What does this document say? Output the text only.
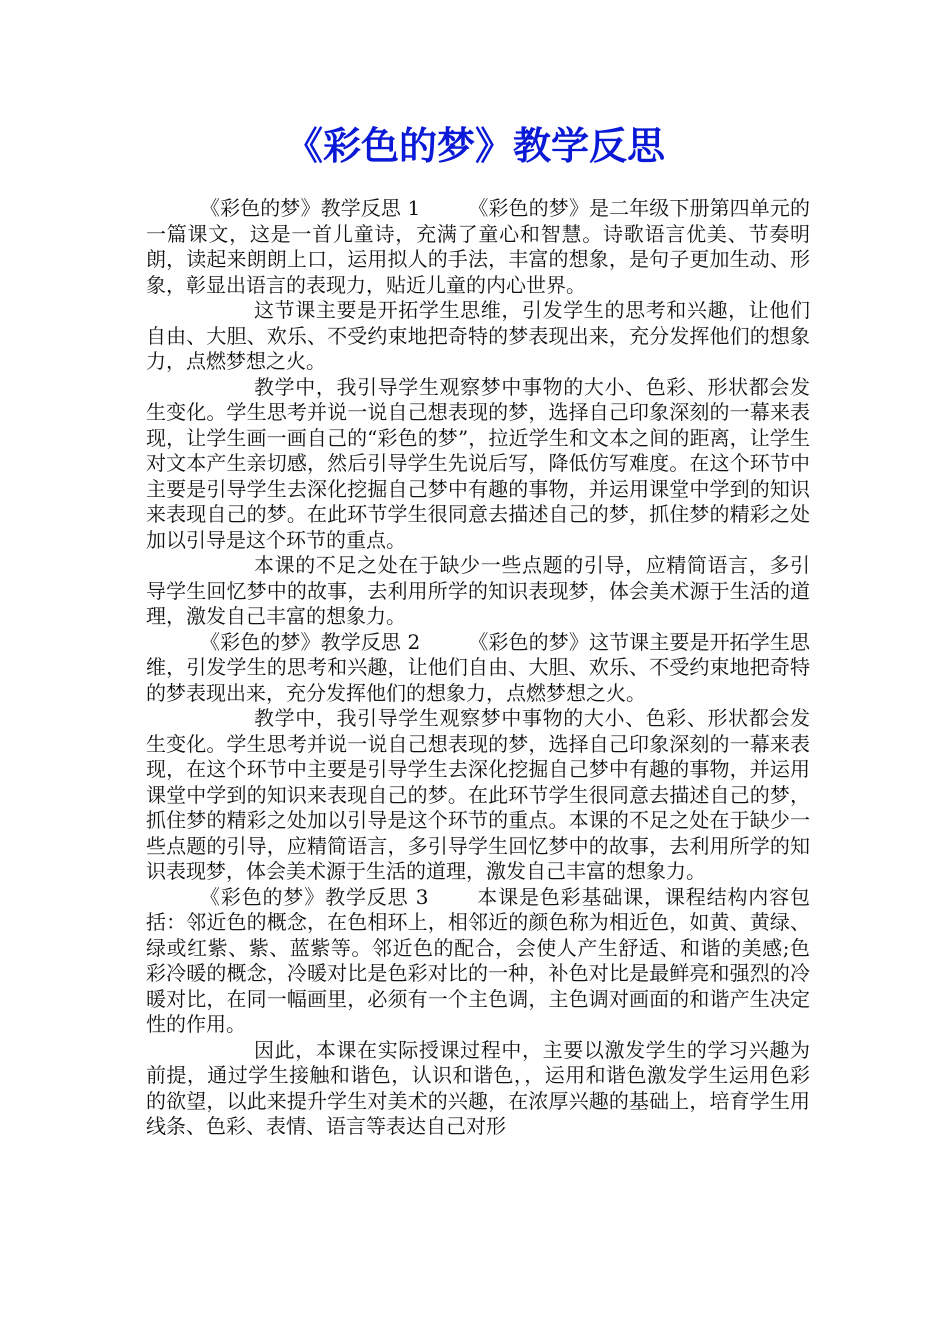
《彩色的梦》教学反思

《彩色的梦》教学反思 1 《彩色的梦》是二年级下册第四单元的一篇课文，这是一首儿童诗，充满了童心和智慧。诗歌语言优美、节奏明朗，读起来朗朗上口，运用拟人的手法，丰富的想象，是句子更加生动、形象，彰显出语言的表现力，贴近儿童的内心世界。

这节课主要是开拓学生思维，引发学生的思考和兴趣，让他们自由、大胆、欢乐、不受约束地把奇特的梦表现出来，充分发挥他们的想象力，点燃梦想之火。

教学中，我引导学生观察梦中事物的大小、色彩、形状都会发生变化。学生思考并说一说自己想表现的梦，选择自己印象深刻的一幕来表现，让学生画一画自己的“彩色的梦”，拉近学生和文本之间的距离，让学生对文本产生亲切感，然后引导学生先说后写，降低仿写难度。在这个环节中主要是引导学生去深化挖掘自己梦中有趣的事物，并运用课堂中学到的知识来表现自己的梦。在此环节学生很同意去描述自己的梦，抓住梦的精彩之处加以引导是这个环节的重点。

本课的不足之处在于缺少一些点题的引导，应精简语言，多引导学生回忆梦中的故事，去利用所学的知识表现梦，体会美术源于生活的道理，激发自己丰富的想象力。

《彩色的梦》教学反思 2 《彩色的梦》这节课主要是开拓学生思维，引发学生的思考和兴趣，让他们自由、大胆、欢乐、不受约束地把奇特的梦表现出来，充分发挥他们的想象力，点燃梦想之火。

教学中，我引导学生观察梦中事物的大小、色彩、形状都会发生变化。学生思考并说一说自己想表现的梦，选择自己印象深刻的一幕来表现，在这个环节中主要是引导学生去深化挖掘自己梦中有趣的事物，并运用课堂中学到的知识来表现自己的梦。在此环节学生很同意去描述自己的梦，抓住梦的精彩之处加以引导是这个环节的重点。本课的不足之处在于缺少一些点题的引导，应精简语言，多引导学生回忆梦中的故事，去利用所学的知识表现梦，体会美术源于生活的道理，激发自己丰富的想象力。

《彩色的梦》教学反思 3 本课是色彩基础课，课程结构内容包括：邻近色的概念，在色相环上，相邻近的颜色称为相近色，如黄、黄绿、绿或红紫、紫、蓝紫等。邻近色的配合，会使人产生舒适、和谐的美感;色彩冷暖的概念，冷暖对比是色彩对比的一种，补色对比是最鲜亮和强烈的冷暖对比，在同一幅画里，必须有一个主色调，主色调对画面的和谐产生决定性的作用。

因此，本课在实际授课过程中，主要以激发学生的学习兴趣为前提，通过学生接触和谐色，认识和谐色，，运用和谐色激发学生运用色彩的欲望，以此来提升学生对美术的兴趣，在浓厚兴趣的基础上，培育学生用线条、色彩、表情、语言等表达自己对形
